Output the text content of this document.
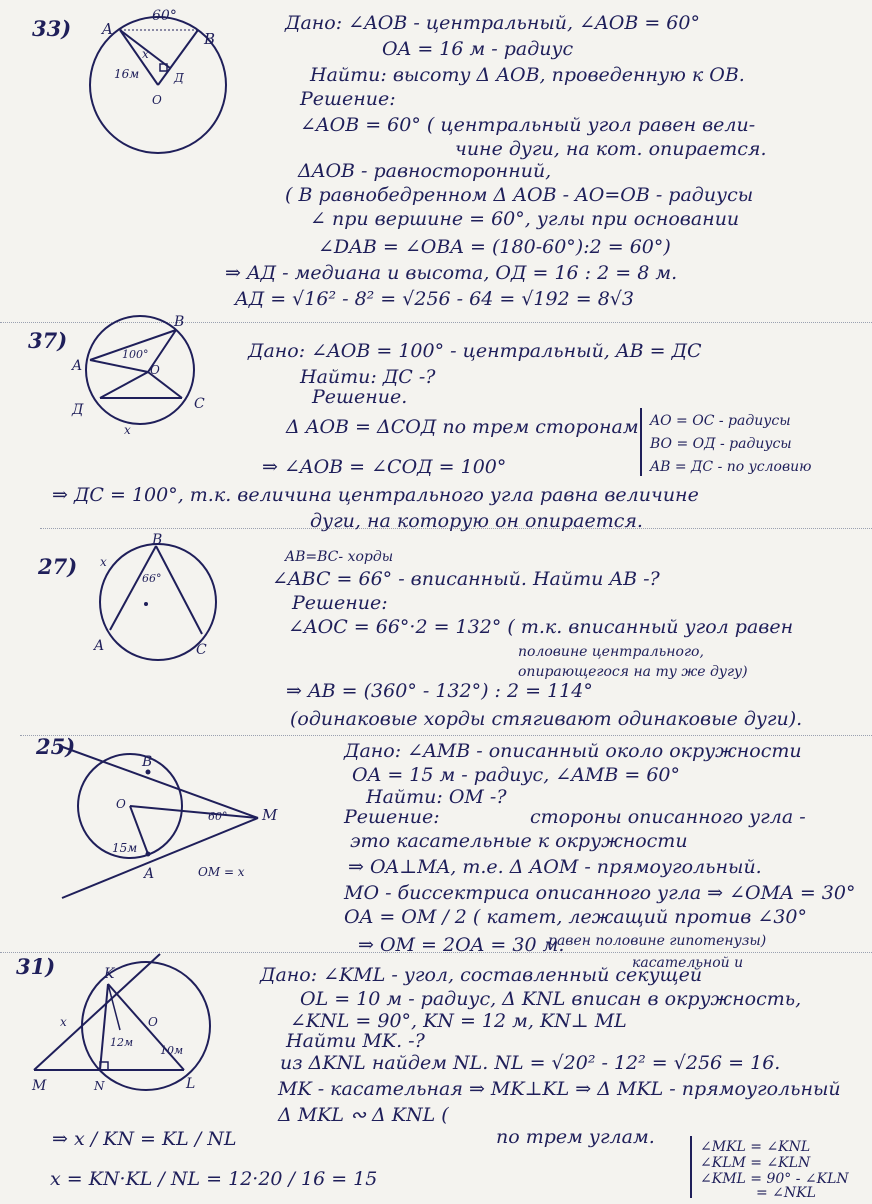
33) A
B
O
Д
16м
x
60°	Дано: ∠AOB - центральный, ∠AOB = 60°
OA = 16 м - радиус
Найти: высоту Δ AOB, проведенную к OB.
Решение:
∠AOB = 60° ( центральный угол равен вели-
чине дуги, на кот. опирается.
ΔAOB - равносторонний,
( В равнобедренном Δ AOB - AO=OB - радиусы
∠ при вершине = 60°, углы при основании
∠DAB = ∠OBA = (180-60°):2 = 60°)
⇒ AД - медиана и высота, OД = 16 : 2 = 8 м.
AД = √16² - 8² = √256 - 64 = √192 = 8√3
37)
A
B
O
C
Д
x
100°	Дано: ∠AOB = 100° - центральный, AB = ДC
Найти: ДC -?
Решение.
Δ AOB = ΔCOД по трем сторонам AO = OC - радиусы
BO = OД - радиусы
AB = ДC - по условию
⇒ ∠AOB = ∠COД = 100°
⇒ ДC = 100°, т.к. величина центрального угла равна величине
дуги, на которую он опирается.
27)
B
A	C
x
66°
AB=BC- хорды
∠ABC = 66° - вписанный. Найти AB -?
Решение:
∠AOC = 66°·2 = 132° ( т.к. вписанный угол равен
половине центрального,
опирающегося на ту же дугу)
⇒ AB = (360° - 132°) : 2 = 114°
(одинаковые хорды стягивают одинаковые дуги).
25)
B
A
O
M
15м
60°
OM = x
Дано: ∠AMB - описанный около окружности
OA = 15 м - радиус, ∠AMB = 60°
Найти: OM -?
Решение:	стороны описанного угла -
это касательные к окружности
⇒ OA⊥MA, т.е. Δ AOM - прямоугольный.
MO - биссектриса описанного угла ⇒ ∠OMA = 30°
OA = OM / 2 ( катет, лежащий против ∠30°
равен половине гипотенузы)
⇒ OM = 2OA = 30 м.
31)	K
O
M	N	L
x
12м
10м
касательной и
Дано: ∠KML - угол, составленный секущей
OL = 10 м - радиус, Δ KNL вписан в окружность,
∠KNL = 90°, KN = 12 м, KN⊥ ML
Найти MK. -?
из ΔKNL найдем NL. NL = √20² - 12² = √256 = 16.
MK - касательная ⇒ MK⊥KL ⇒ Δ MKL - прямоугольный
Δ MKL ∾ Δ KNL (
по трем углам.	∠MKL = ∠KNL
∠KLM = ∠KLN
∠KML = 90° - ∠KLN
= ∠NKL
⇒ x / KN = KL / NL
x = KN·KL / NL = 12·20 / 16 = 15
